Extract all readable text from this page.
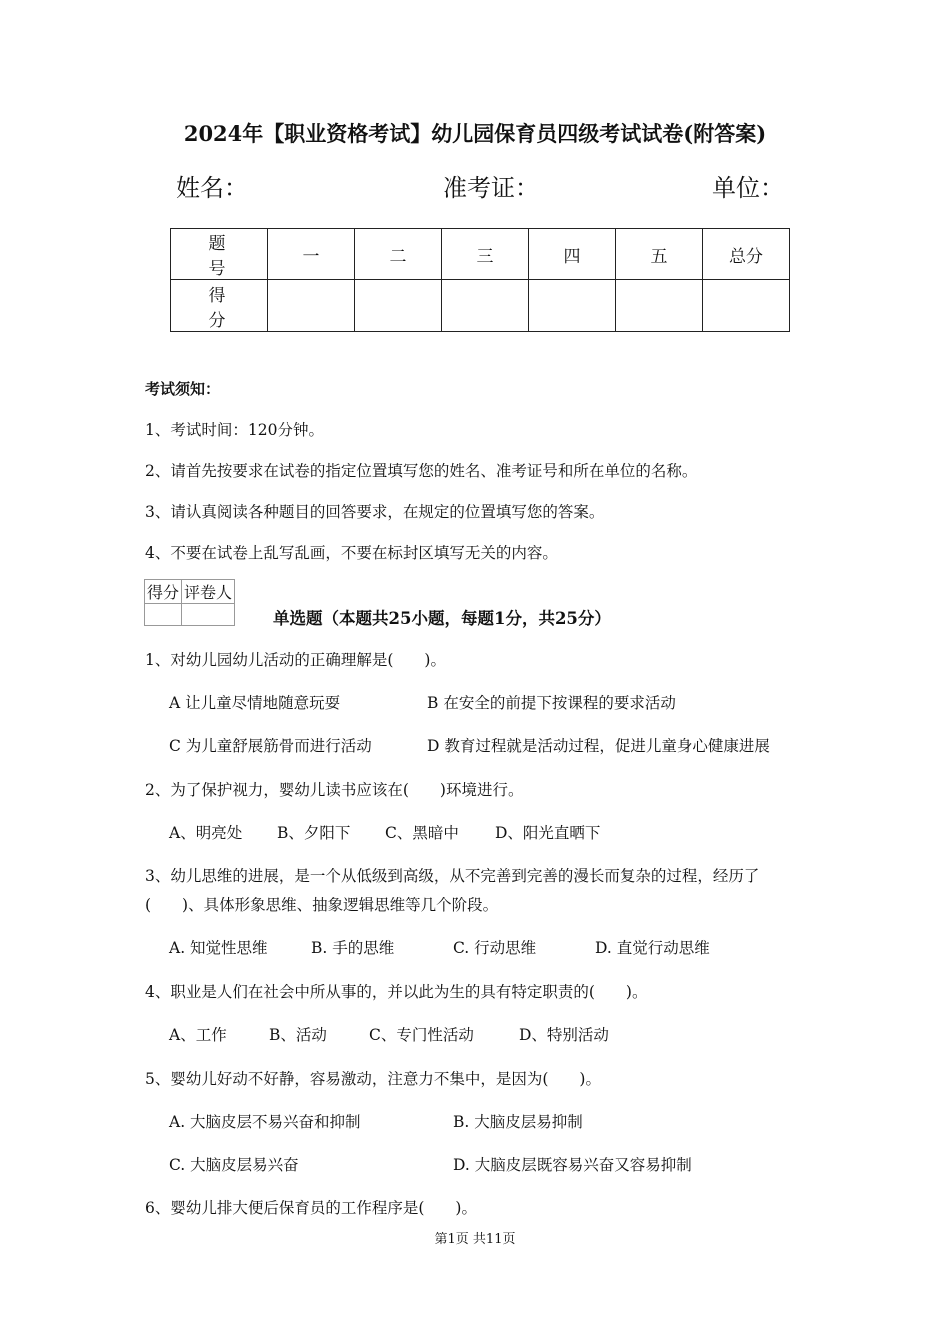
2024年【职业资格考试】幼儿园保育员四级考试试卷(附答案)
姓名：	准考证：	单位：
题　号	一	二	三	四	五	总分
得　分						
考试须知：
1、考试时间：120分钟。
2、请首先按要求在试卷的指定位置填写您的姓名、准考证号和所在单位的名称。
3、请认真阅读各种题目的回答要求，在规定的位置填写您的答案。
4、不要在试卷上乱写乱画，不要在标封区填写无关的内容。
得分	评卷人

单选题（本题共25小题，每题1分，共25分）
1、对幼儿园幼儿活动的正确理解是(　　)。
A 让儿童尽情地随意玩耍	B 在安全的前提下按课程的要求活动
C 为儿童舒展筋骨而进行活动	D 教育过程就是活动过程，促进儿童身心健康进展
2、为了保护视力，婴幼儿读书应该在(　　)环境进行。
A、明亮处 B、夕阳下 C、黑暗中 D、阳光直晒下
3、幼儿思维的进展，是一个从低级到高级，从不完善到完善的漫长而复杂的过程，经历了
(　　)、具体形象思维、抽象逻辑思维等几个阶段。
A. 知觉性思维	B. 手的思维	C. 行动思维	D. 直觉行动思维
4、职业是人们在社会中所从事的，并以此为生的具有特定职责的(　　)。
A、工作	B、活动	C、专门性活动	D、特别活动
5、婴幼儿好动不好静，容易激动，注意力不集中，是因为(　　)。
A. 大脑皮层不易兴奋和抑制	B. 大脑皮层易抑制
C. 大脑皮层易兴奋	D. 大脑皮层既容易兴奋又容易抑制
6、婴幼儿排大便后保育员的工作程序是(　　)。
第1页 共11页
